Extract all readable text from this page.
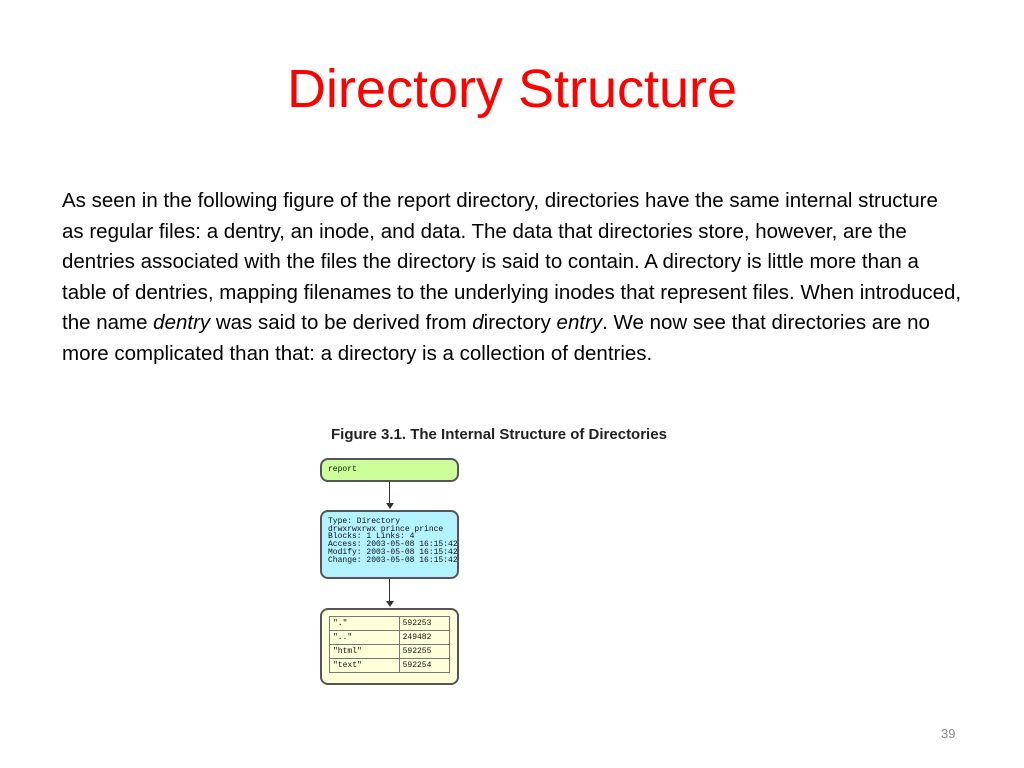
Directory Structure

As seen in the following figure of the report directory, directories have the same internal structure as regular files: a dentry, an inode, and data. The data that directories store, however, are the dentries associated with the files the directory is said to contain. A directory is little more than a table of dentries, mapping filenames to the underlying inodes that represent files. When introduced, the name dentry was said to be derived from directory entry. We now see that directories are no more complicated than that: a directory is a collection of dentries.

Figure 3.1. The Internal Structure of Directories
report
Type: Directory
drwxrwxrwx prince prince
Blocks: 1 Links: 4
Access: 2003-05-08 16:15:42
Modify: 2003-05-08 16:15:42
Change: 2003-05-08 16:15:42
"."	592253
".."	249482
"html"	592255
"text"	592254
39
